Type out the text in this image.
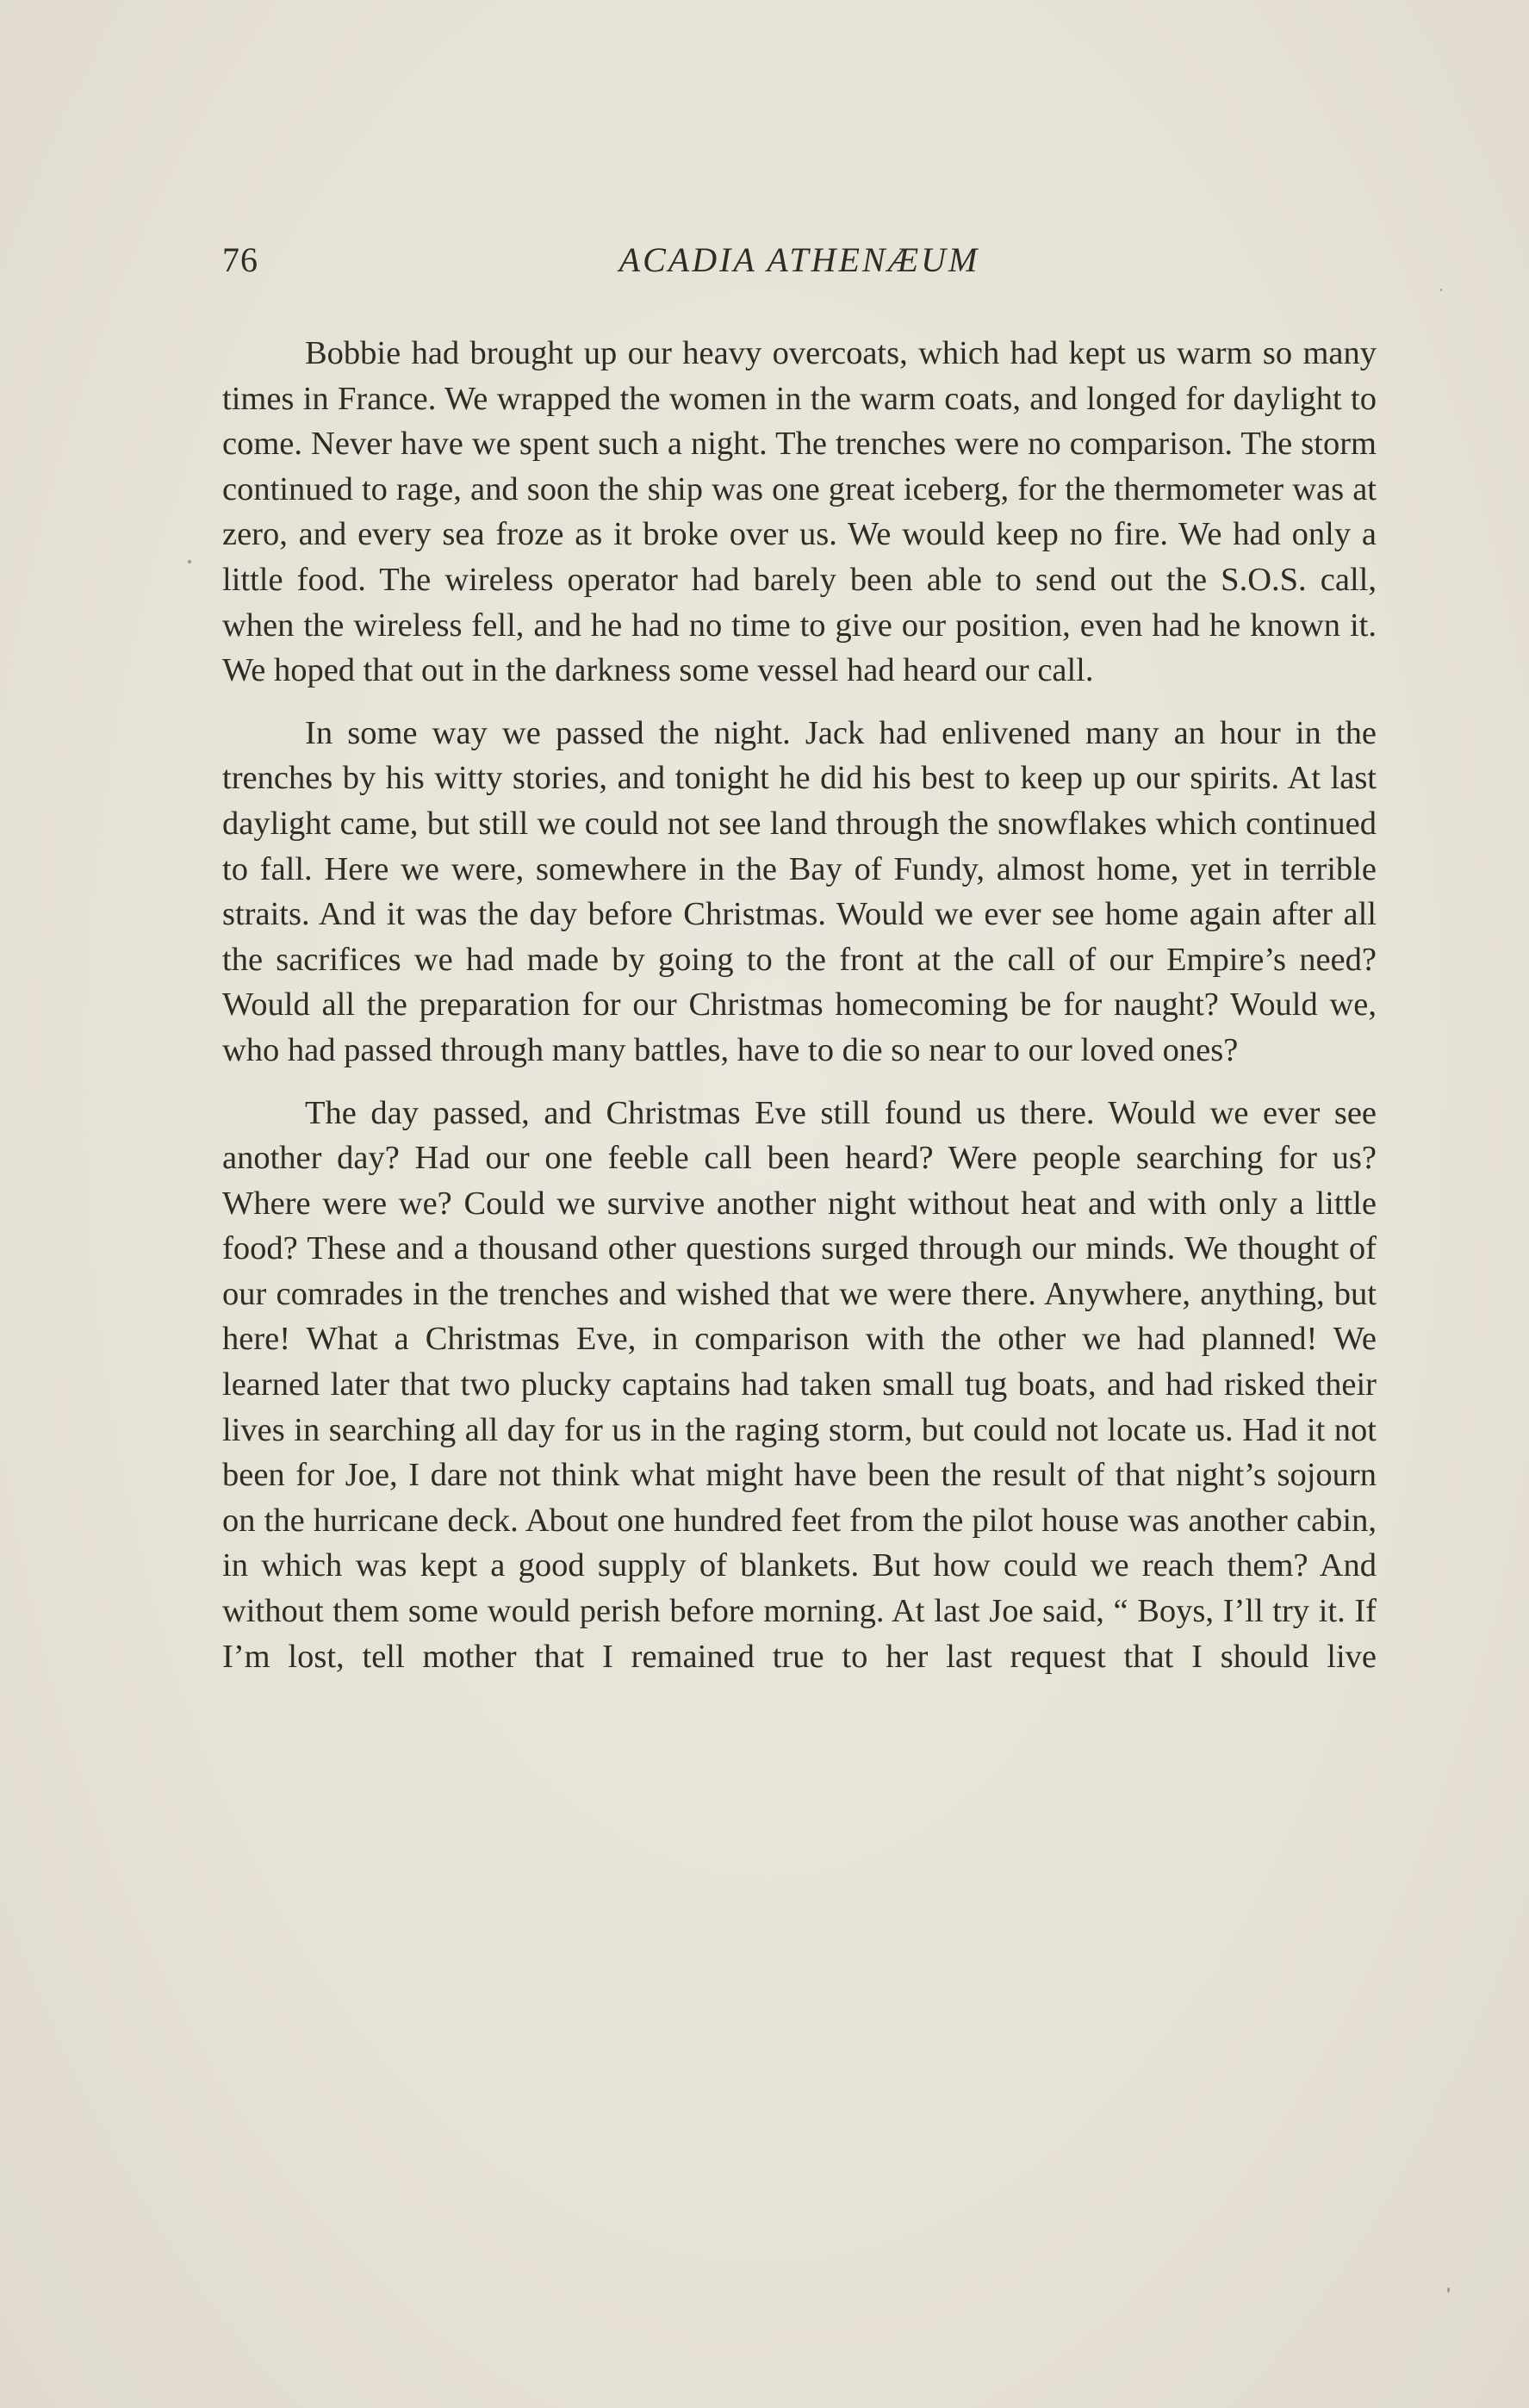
76	ACADIA ATHENÆUM

Bobbie had brought up our heavy overcoats, which had kept us warm so many times in France. We wrapped the women in the warm coats, and longed for daylight to come. Never have we spent such a night. The trenches were no comparison. The storm continued to rage, and soon the ship was one great iceberg, for the thermometer was at zero, and every sea froze as it broke over us. We would keep no fire. We had only a little food. The wireless operator had barely been able to send out the S.O.S. call, when the wireless fell, and he had no time to give our position, even had he known it. We hoped that out in the darkness some vessel had heard our call.

In some way we passed the night. Jack had enlivened many an hour in the trenches by his witty stories, and tonight he did his best to keep up our spirits. At last daylight came, but still we could not see land through the snowflakes which continued to fall. Here we were, somewhere in the Bay of Fundy, almost home, yet in terrible straits. And it was the day before Christmas. Would we ever see home again after all the sacrifices we had made by going to the front at the call of our Empire’s need? Would all the preparation for our Christmas homecoming be for naught? Would we, who had passed through many battles, have to die so near to our loved ones?

The day passed, and Christmas Eve still found us there. Would we ever see another day? Had our one feeble call been heard? Were people searching for us? Where were we? Could we survive another night without heat and with only a little food? These and a thousand other questions surged through our minds. We thought of our comrades in the trenches and wished that we were there. Anywhere, anything, but here! What a Christmas Eve, in comparison with the other we had planned! We learned later that two plucky captains had taken small tug boats, and had risked their lives in searching all day for us in the raging storm, but could not locate us. Had it not been for Joe, I dare not think what might have been the result of that night’s sojourn on the hurricane deck. About one hundred feet from the pilot house was another cabin, in which was kept a good supply of blankets. But how could we reach them? And without them some would perish before morning. At last Joe said, “ Boys, I’ll try it. If I’m lost, tell mother that I remained true to her last request that I should live
